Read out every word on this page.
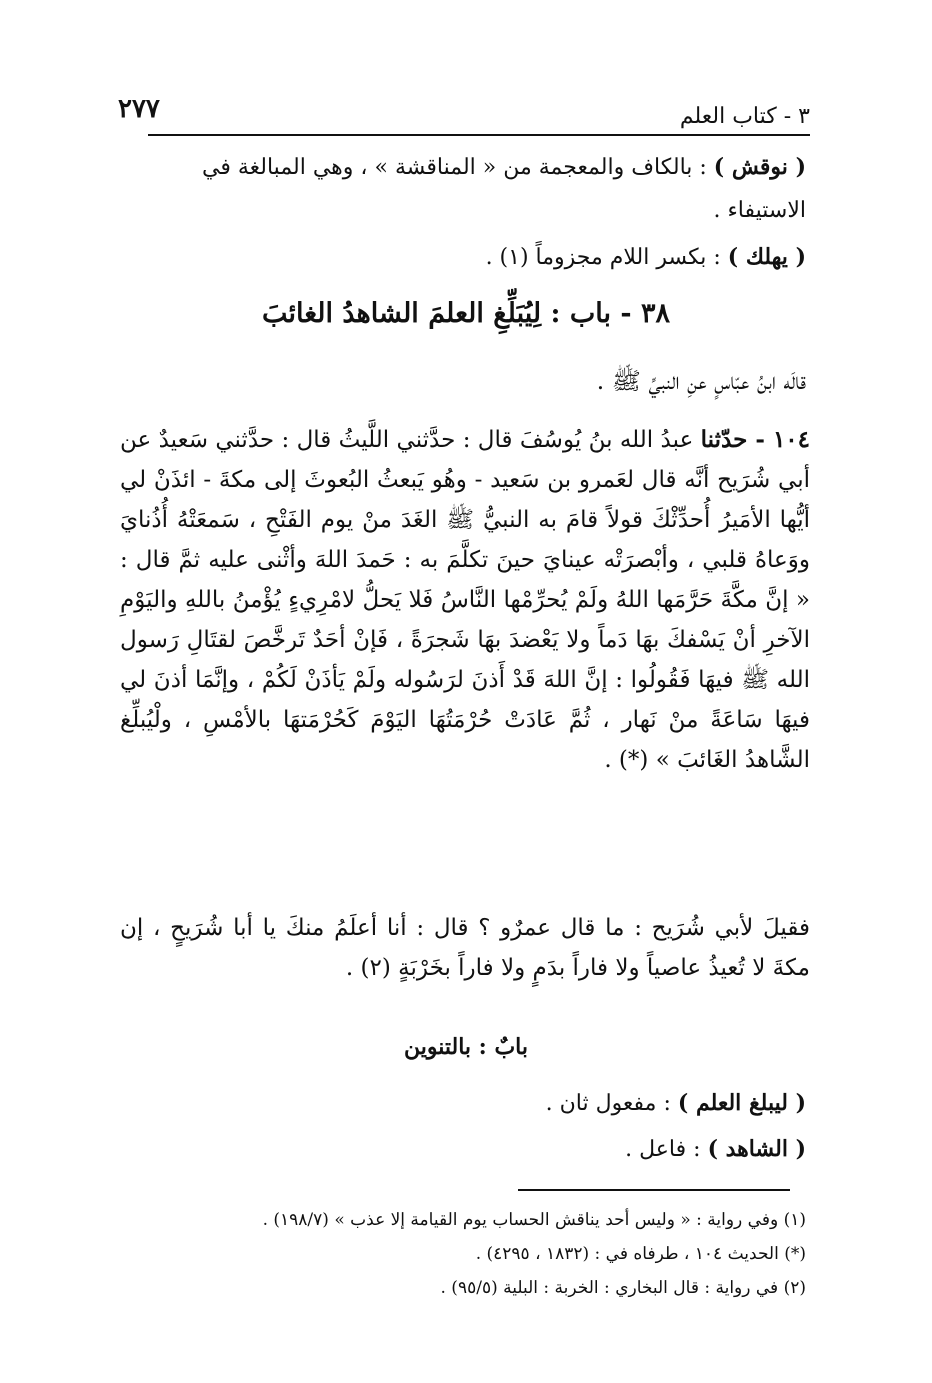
٣ - كتاب العلم
٢٧٧
( نوقش ) : بالكاف والمعجمة من « المناقشة » ، وهي المبالغة في
الاستيفاء .
( يهلك ) : بكسر اللام مجزوماً (١) .
٣٨ - باب : لِيُبَلِّغِ العلمَ الشاهدُ الغائبَ
قالَه ابنُ عبّاسٍ عنِ النبيِّ ﷺ .
١٠٤ - حدّثنا عبدُ الله بنُ يُوسُفَ قال : حدَّثني اللَّيثُ قال : حدَّثني سَعيدٌ عن أبي شُرَيح أنَّه قال لعَمرو بن سَعيد - وهُو يَبعثُ البُعوثَ إلى مكةَ - ائذَنْ لي أيُّها الأمَيرُ أُحدِّثْكَ قولاً قامَ به النبيُّ ﷺ الغَدَ منْ يوم الفَتْحِ ، سَمعَتْهُ أُذُنايَ ووَعاهُ قلبي ، وأبْصرَتْه عينايَ حينَ تكلَّمَ به : حَمدَ اللهَ وأثْنى عليه ثمَّ قال : « إنَّ مكَّةَ حَرَّمَها اللهُ ولَمْ يُحرِّمْها النَّاسُ فَلا يَحلُّ لامْرِيءٍ يُؤْمنُ باللهِ واليَوْمِ الآخرِ أنْ يَسْفكَ بهَا دَماً ولا يَعْضدَ بهَا شَجرَةً ، فَإنْ أحَدٌ تَرخَّصَ لقتَالِ رَسول الله ﷺ فيهَا فَقُولُوا : إنَّ اللهَ قَدْ أَذنَ لرَسُوله ولَمْ يَأذَنْ لَكُمْ ، وإنَّمَا أذنَ لي فيهَا سَاعَةً منْ نَهار ، ثُمَّ عَادَتْ حُرْمَتُهَا اليَوْمَ كَحُرْمَتهَا بالأمْسِ ، ولْيُبلِّغ الشَّاهدُ الغَائبَ » (*) .
فقيلَ لأبي شُرَيح : ما قال عمرٌو ؟ قال : أنا أعلَمُ منكَ يا أبا شُرَيحٍ ، إن مكةَ لا تُعيذُ عاصياً ولا فاراً بدَمٍ ولا فاراً بخَرْبَةٍ (٢) .
بابٌ : بالتنوين
( ليبلغ العلم ) : مفعول ثان .
( الشاهد ) : فاعل .
(١) وفي رواية : « وليس أحد يناقش الحساب يوم القيامة إلا عذب » (١٩٨/٧) .
(*) الحديث ١٠٤ ، طرفاه في : (١٨٣٢ ، ٤٢٩٥) .
(٢) في رواية : قال البخاري : الخربة : البلية (٩٥/٥) .
